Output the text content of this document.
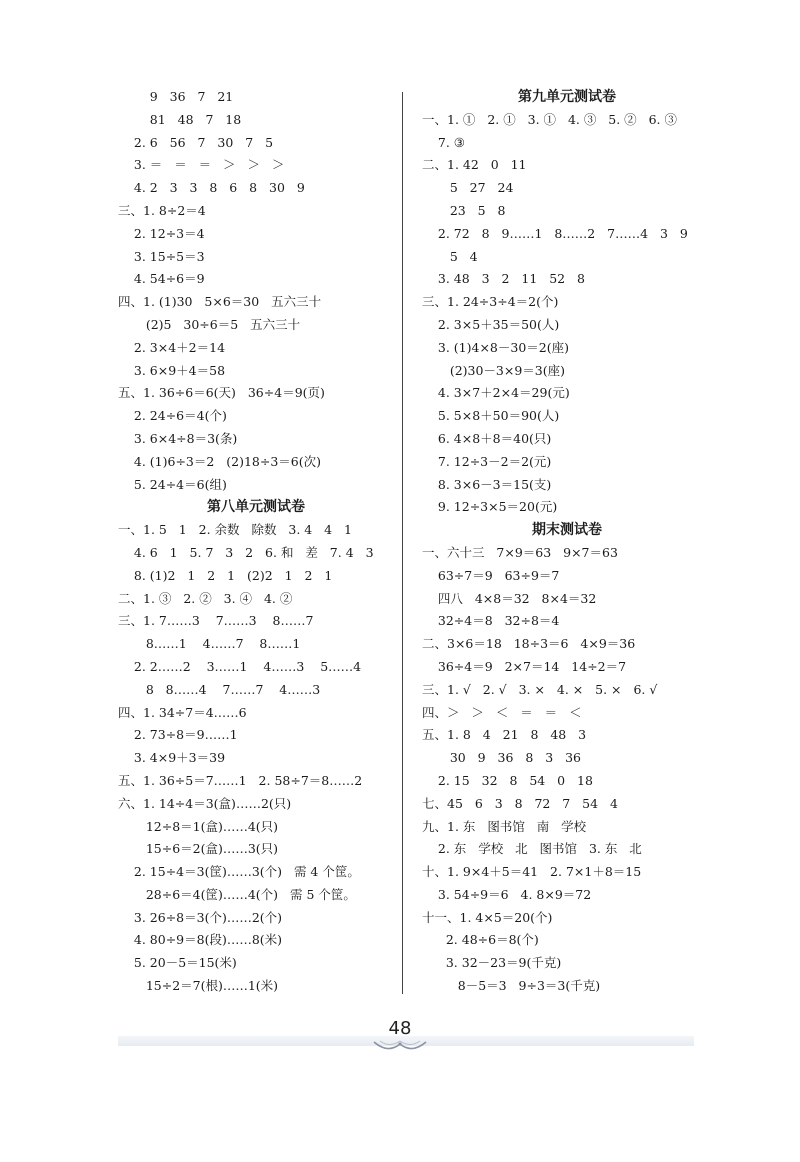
9   36   7   21
81   48   7   18
2. 6   56   7   30   7   5
3. ＝   ＝   ＝   ＞   ＞   ＞
4. 2   3   3   8   6   8   30   9
三、1. 8÷2＝4
2. 12÷3＝4
3. 15÷5＝3
4. 54÷6＝9
四、1. (1)30   5×6＝30   五六三十
(2)5   30÷6＝5   五六三十
2. 3×4＋2＝14
3. 6×9＋4＝58
五、1. 36÷6＝6(天)   36÷4＝9(页)
2. 24÷6＝4(个)
3. 6×4÷8＝3(条)
4. (1)6÷3＝2   (2)18÷3＝6(次)
5. 24÷4＝6(组)
第八单元测试卷
一、1. 5   1   2. 余数   除数   3. 4   4   1
4. 6   1   5. 7   3   2   6. 和   差   7. 4   3
8. (1)2   1   2   1   (2)2   1   2   1
二、1. ③   2. ②   3. ④   4. ②
三、1. 7……3    7……3    8……7
8……1    4……7    8……1
2. 2……2    3……1    4……3    5……4
8   8……4    7……7    4……3
四、1. 34÷7＝4……6
2. 73÷8＝9……1
3. 4×9＋3＝39
五、1. 36÷5＝7……1   2. 58÷7＝8……2
六、1. 14÷4＝3(盒)……2(只)
12÷8＝1(盒)……4(只)
15÷6＝2(盒)……3(只)
2. 15÷4＝3(筐)……3(个)   需 4 个筐。
28÷6＝4(筐)……4(个)   需 5 个筐。
3. 26÷8＝3(个)……2(个)
4. 80÷9＝8(段)……8(米)
5. 20－5＝15(米)
15÷2＝7(根)……1(米)
第九单元测试卷
一、1. ①   2. ①   3. ①   4. ③   5. ②   6. ③
7. ③
二、1. 42   0   11
5   27   24
23   5   8
2. 72   8   9……1   8……2   7……4   3   9
5   4
3. 48   3   2   11   52   8
三、1. 24÷3÷4＝2(个)
2. 3×5＋35＝50(人)
3. (1)4×8－30＝2(座)
(2)30－3×9＝3(座)
4. 3×7＋2×4＝29(元)
5. 5×8＋50＝90(人)
6. 4×8＋8＝40(只)
7. 12÷3－2＝2(元)
8. 3×6－3＝15(支)
9. 12÷3×5＝20(元)
期末测试卷
一、六十三   7×9＝63   9×7＝63
63÷7＝9   63÷9＝7
四八   4×8＝32   8×4＝32
32÷4＝8   32÷8＝4
二、3×6＝18   18÷3＝6   4×9＝36
36÷4＝9   2×7＝14   14÷2＝7
三、1. √   2. √   3. ×   4. ×   5. ×   6. √
四、＞   ＞   ＜   ＝   ＝   ＜
五、1. 8   4   21   8   48   3
30   9   36   8   3   36
2. 15   32   8   54   0   18
七、45   6   3   8   72   7   54   4
九、1. 东   图书馆   南   学校
2. 东   学校   北   图书馆   3. 东   北
十、1. 9×4＋5＝41   2. 7×1＋8＝15
3. 54÷9＝6   4. 8×9＝72
十一、1. 4×5＝20(个)
2. 48÷6＝8(个)
3. 32－23＝9(千克)
8－5＝3   9÷3＝3(千克)
48
